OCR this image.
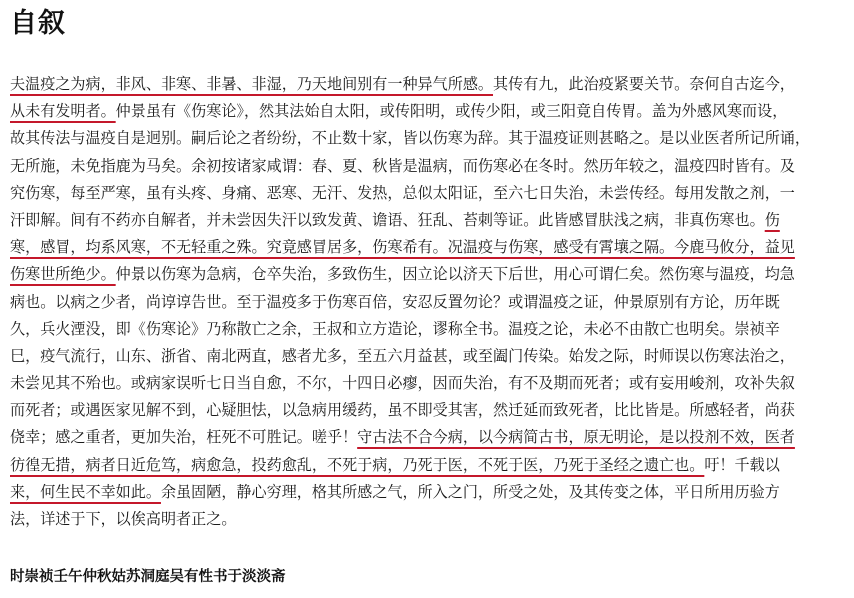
自叙
夫温疫之为病，非风、非寒、非暑、非湿，乃天地间别有一种异气所感。其传有九，此治疫紧要关节。奈何自古迄今，
从未有发明者。仲景虽有《伤寒论》，然其法始自太阳，或传阳明，或传少阳，或三阳竟自传胃。盖为外感风寒而设，
故其传法与温疫自是迥别。嗣后论之者纷纷，不止数十家，皆以伤寒为辞。其于温疫证则甚略之。是以业医者所记所诵，
无所施，未免指鹿为马矣。余初按诸家咸谓：春、夏、秋皆是温病，而伤寒必在冬时。然历年较之，温疫四时皆有。及
究伤寒，每至严寒，虽有头疼、身痛、恶寒、无汗、发热，总似太阳证，至六七日失治，未尝传经。每用发散之剂，一
汗即解。间有不药亦自解者，并未尝因失汗以致发黄、谵语、狂乱、苔刺等证。此皆感冒肤浅之病，非真伤寒也。伤
寒，感冒，均系风寒，不无轻重之殊。究竟感冒居多，伤寒希有。况温疫与伤寒，感受有霄壤之隔。今鹿马攸分，益见
伤寒世所绝少。仲景以伤寒为急病，仓卒失治，多致伤生，因立论以济天下后世，用心可谓仁矣。然伤寒与温疫，均急
病也。以病之少者，尚谆谆告世。至于温疫多于伤寒百倍，安忍反置勿论？或谓温疫之证，仲景原别有方论，历年既
久，兵火湮没，即《伤寒论》乃称散亡之余，王叔和立方造论，谬称全书。温疫之论，未必不由散亡也明矣。崇祯辛
巳，疫气流行，山东、浙省、南北两直，感者尤多，至五六月益甚，或至阖门传染。始发之际，时师误以伤寒法治之，
未尝见其不殆也。或病家误听七日当自愈，不尔，十四日必瘳，因而失治，有不及期而死者；或有妄用峻剂，攻补失叙
而死者；或遇医家见解不到，心疑胆怯，以急病用缓药，虽不即受其害，然迁延而致死者，比比皆是。所感轻者，尚获
侥幸；感之重者，更加失治，枉死不可胜记。嗟乎！守古法不合今病，以今病简古书，原无明论，是以投剂不效，医者
彷徨无措，病者日近危笃，病愈急，投药愈乱，不死于病，乃死于医，不死于医，乃死于圣经之遗亡也。吁！千载以
来，何生民不幸如此。余虽固陋，静心穷理，格其所感之气，所入之门，所受之处，及其传变之体，平日所用历验方
法，详述于下，以俟高明者正之。

时崇祯壬午仲秋姑苏洞庭吴有性书于淡淡斋
